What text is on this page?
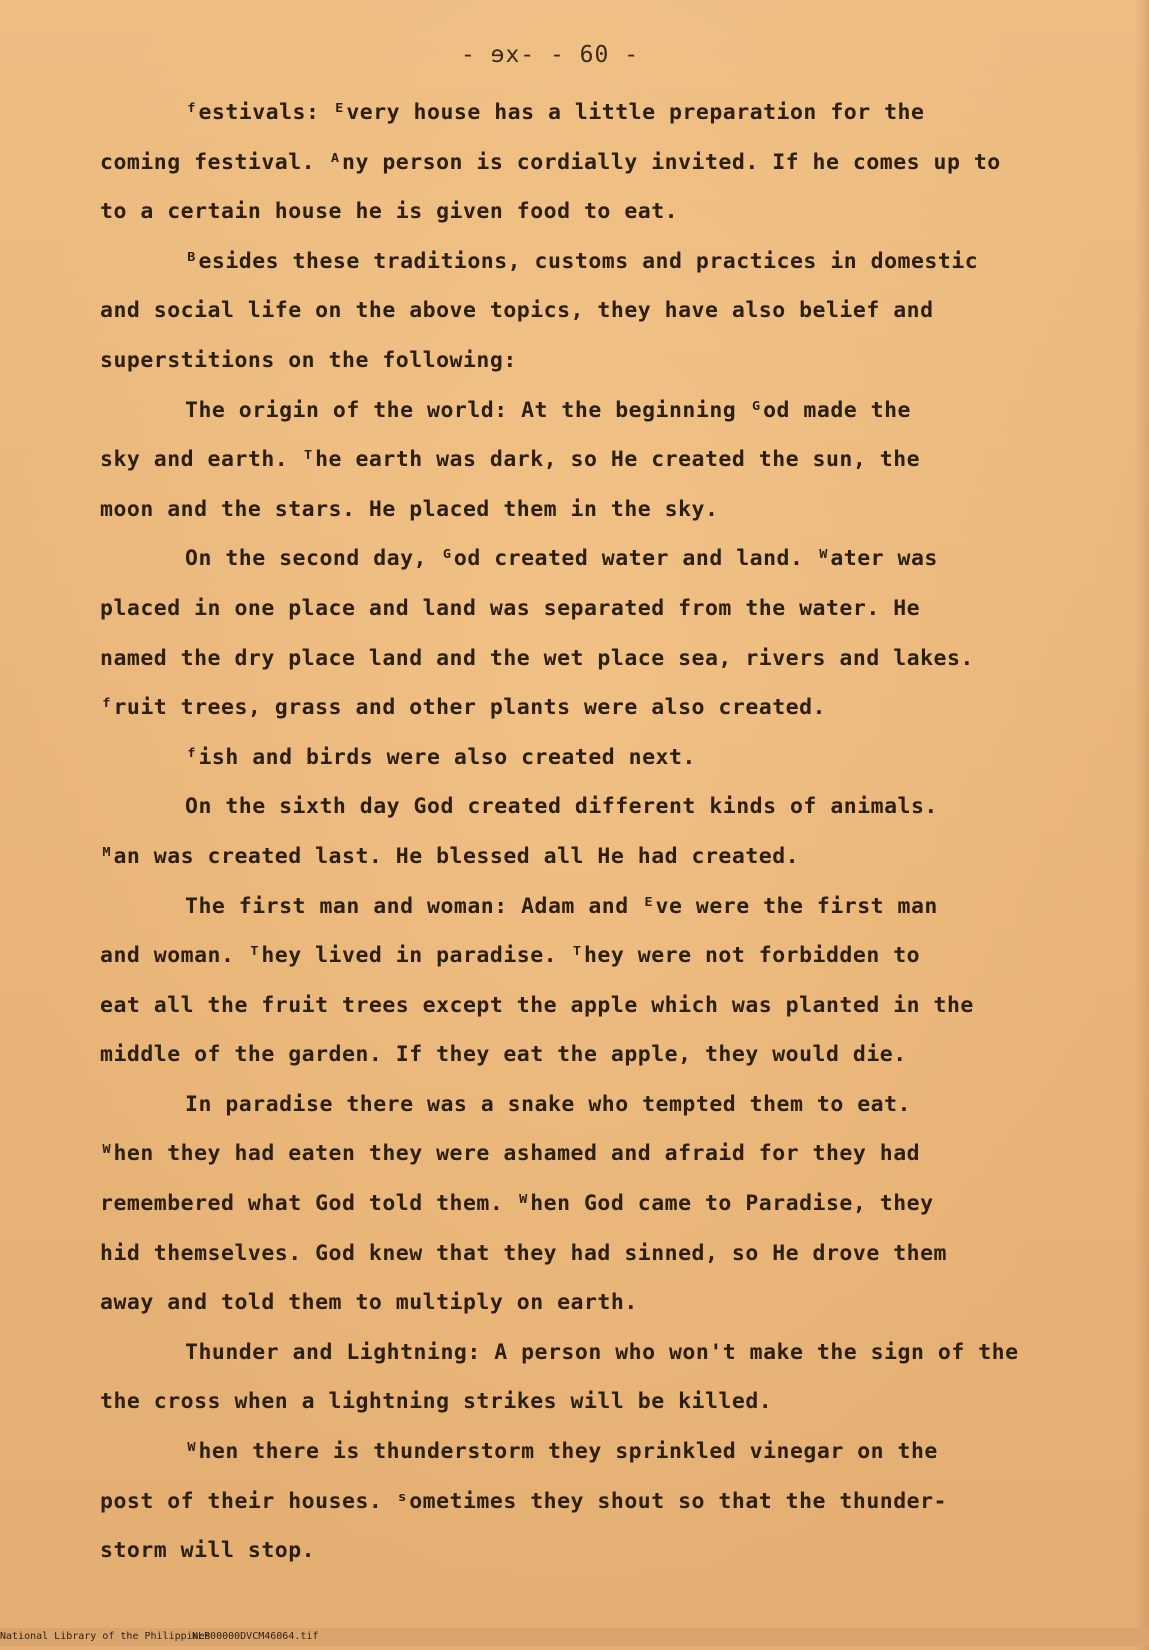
- ɘx- - 60 -
ᶠestivals: ᴱvery house has a little preparation for the
coming festival. ᴬny person is cordially invited. If he comes up to
to a certain house he is given food to eat.
ᴮesides these traditions, customs and practices in domestic
and social life on the above topics, they have also belief and
superstitions on the following:
The origin of the world: At the beginning ᴳod made the
sky and earth. ᵀhe earth was dark, so He created the sun, the
moon and the stars. He placed them in the sky.
On the second day, ᴳod created water and land. ᵂater was
placed in one place and land was separated from the water. He
named the dry place land and the wet place sea, rivers and lakes.
ᶠruit trees, grass and other plants were also created.
ᶠish and birds were also created next.
On the sixth day God created different kinds of animals.
ᴹan was created last. He blessed all He had created.
The first man and woman: Adam and ᴱve were the first man
and woman. ᵀhey lived in paradise. ᵀhey were not forbidden to
eat all the fruit trees except the apple which was planted in the
middle of the garden. If they eat the apple, they would die.
In paradise there was a snake who tempted them to eat.
ᵂhen they had eaten they were ashamed and afraid for they had
remembered what God told them. ᵂhen God came to Paradise, they
hid themselves. God knew that they had sinned, so He drove them
away and told them to multiply on earth.
Thunder and Lightning: A person who won't make the sign of the
the cross when a lightning strikes will be killed.
ᵂhen there is thunderstorm they sprinkled vinegar on the
post of their houses. ˢometimes they shout so that the thunder-
storm will stop.
National Library of the Philippines
NLP00000DVCM46064.tif
